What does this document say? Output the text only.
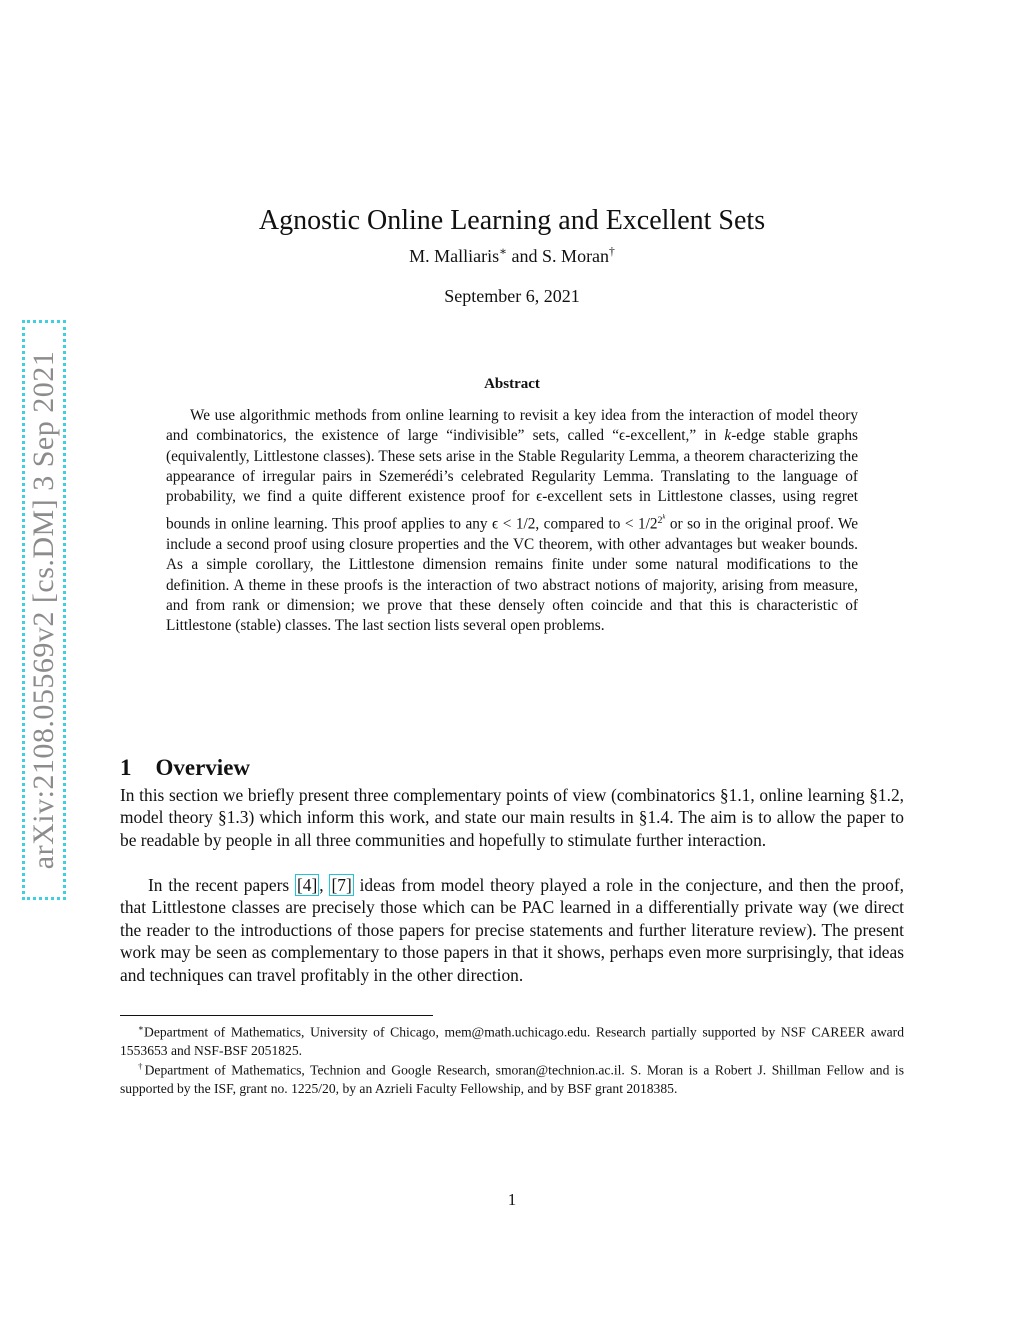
arXiv:2108.05569v2 [cs.DM] 3 Sep 2021
Agnostic Online Learning and Excellent Sets
M. Malliaris∗ and S. Moran†
September 6, 2021
Abstract

We use algorithmic methods from online learning to revisit a key idea from the interaction of model theory and combinatorics, the existence of large “indivisible” sets, called “ϵ-excellent,” in k-edge stable graphs (equivalently, Littlestone classes). These sets arise in the Stable Regularity Lemma, a theorem characterizing the appearance of irregular pairs in Szemerédi’s celebrated Regularity Lemma. Translating to the language of probability, we find a quite different existence proof for ϵ-excellent sets in Littlestone classes, using regret bounds in online learning. This proof applies to any ϵ < 1/2, compared to < $1/2^{2^k}$ or so in the original proof. We include a second proof using closure properties and the VC theorem, with other advantages but weaker bounds. As a simple corollary, the Littlestone dimension remains finite under some natural modifications to the definition. A theme in these proofs is the interaction of two abstract notions of majority, arising from measure, and from rank or dimension; we prove that these densely often coincide and that this is characteristic of Littlestone (stable) classes. The last section lists several open problems.

1 Overview

In this section we briefly present three complementary points of view (combinatorics §1.1, online learning §1.2, model theory §1.3) which inform this work, and state our main results in §1.4. The aim is to allow the paper to be readable by people in all three communities and hopefully to stimulate further interaction.

In the recent papers [4] , [7] ideas from model theory played a role in the conjecture, and then the proof, that Littlestone classes are precisely those which can be PAC learned in a differentially private way (we direct the reader to the introductions of those papers for precise statements and further literature review). The present work may be seen as complementary to those papers in that it shows, perhaps even more surprisingly, that ideas and techniques can travel profitably in the other direction.

∗Department of Mathematics, University of Chicago, mem@math.uchicago.edu. Research partially supported by NSF CAREER award 1553653 and NSF-BSF 2051825.

†Department of Mathematics, Technion and Google Research, smoran@technion.ac.il. S. Moran is a Robert J. Shillman Fellow and is supported by the ISF, grant no. 1225/20, by an Azrieli Faculty Fellowship, and by BSF grant 2018385.

1
